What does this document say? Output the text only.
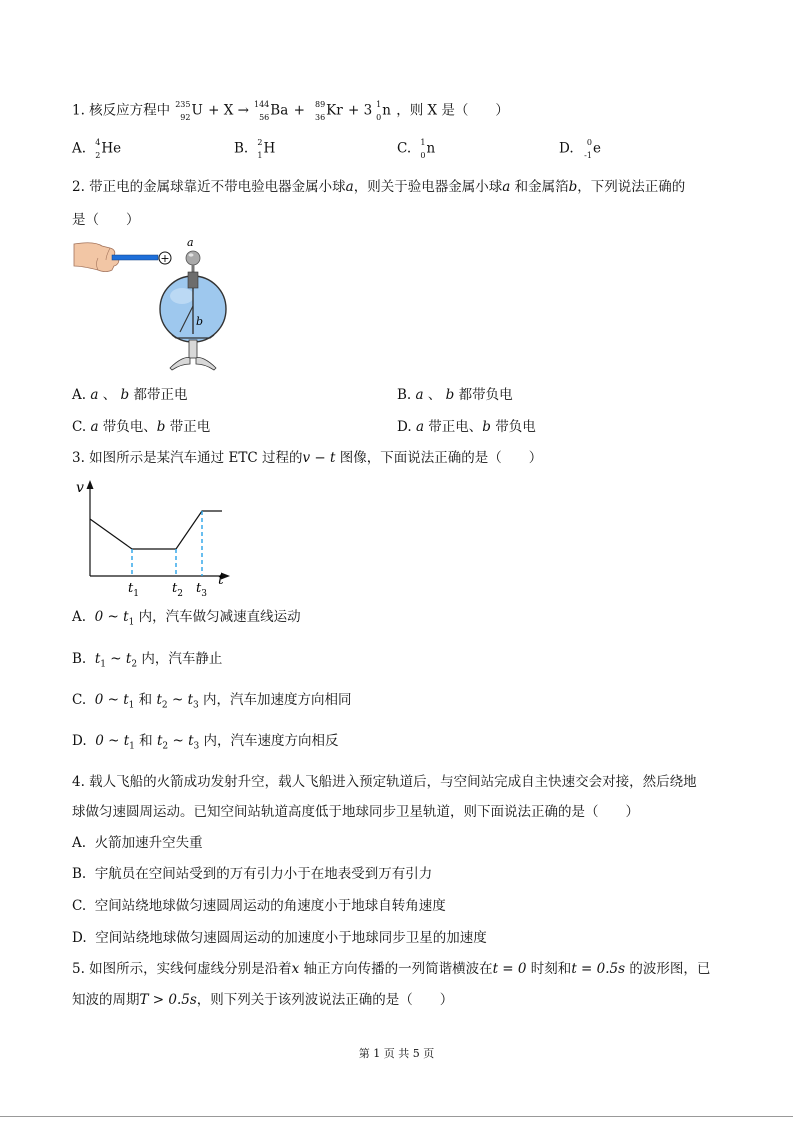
1. 核反应方程中 235
92 U + X → 144
56 Ba + 89
36 Kr + 3 1
0 n ，则 X 是（　　）
A. 4
2 He	B. 2
1 H	C. 1
0 n	D. 0
-1 e
2. 带正电的金属球靠近不带电验电器金属小球a，则关于验电器金属小球a 和金属箔b，下列说法正确的
是（　　）
+
a
b
A. a 、 b 都带正电	B. a 、 b 都带负电
C. a 带负电、b 带正电	D. a 带正电、b 带负电
3. 如图所示是某汽车通过 ETC 过程的v − t 图像，下面说法正确的是（　　）
v
t
$t_1$	$t_2$ $t_3$
A. 0 ~ $t_1$ 内，汽车做匀减速直线运动
B. $t_1$ ~ $t_2$ 内，汽车静止
C. 0 ~ $t_1$ 和 $t_2$ ~ $t_3$ 内，汽车加速度方向相同
D. 0 ~ $t_1$ 和 $t_2$ ~ $t_3$ 内，汽车速度方向相反
4. 载人飞船的火箭成功发射升空，载人飞船进入预定轨道后，与空间站完成自主快速交会对接，然后绕地
球做匀速圆周运动。已知空间站轨道高度低于地球同步卫星轨道，则下面说法正确的是（　　）
A. 火箭加速升空失重
B. 宇航员在空间站受到的万有引力小于在地表受到万有引力
C. 空间站绕地球做匀速圆周运动的角速度小于地球自转角速度
D. 空间站绕地球做匀速圆周运动的加速度小于地球同步卫星的加速度
5. 如图所示，实线何虚线分别是沿着x 轴正方向传播的一列简谐横波在t = 0 时刻和t = 0.5s 的波形图，已
知波的周期T > 0.5s，则下列关于该列波说法正确的是（　　）
第 1 页 共 5 页
